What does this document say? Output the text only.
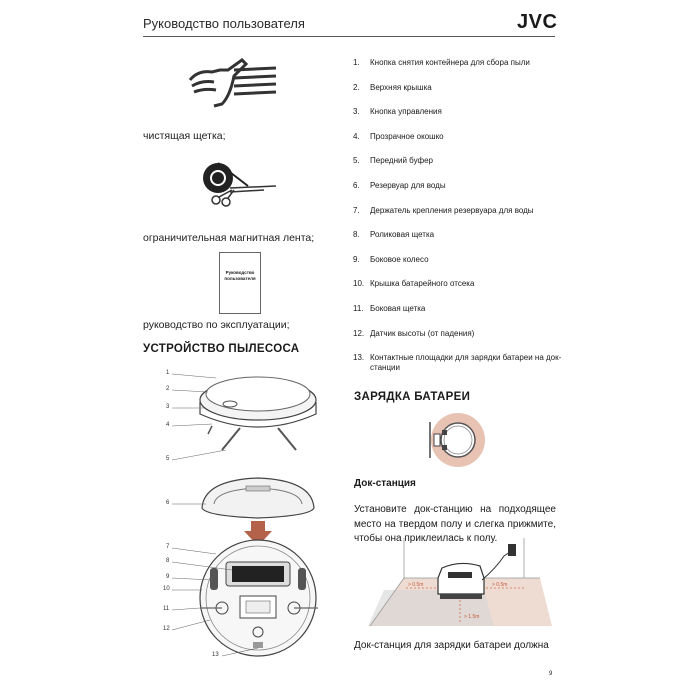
Руководство пользователя	JVC
чистящая щетка;
ограничительная магнитная лента;
Руководство пользователя
руководство по эксплуатации;
УСТРОЙСТВО ПЫЛЕСОСА
1
2
3
4
5
6
7
8
9
10
11
12
13
1.	Кнопка снятия контейнера для сбора пыли
2.	Верхняя крышка
3.	Кнопка управления
4.	Прозрачное окошко
5.	Передний буфер
6.	Резервуар для воды
7.	Держатель крепления резервуара для воды
8.	Роликовая щетка
9.	Боковое колесо
10. Крышка батарейного отсека
11. Боковая щетка
12. Датчик высоты (от падения)
13. Контактные площадки для зарядки батареи на док-станции
ЗАРЯДКА БАТАРЕИ
Док-станция
Установите док-станцию на подходящее место на твердом полу и слегка прижмите, чтобы она приклеилась к полу.
> 0.5m	> 0.5m
> 1.5m
Док-станция для зарядки батареи должна
9
